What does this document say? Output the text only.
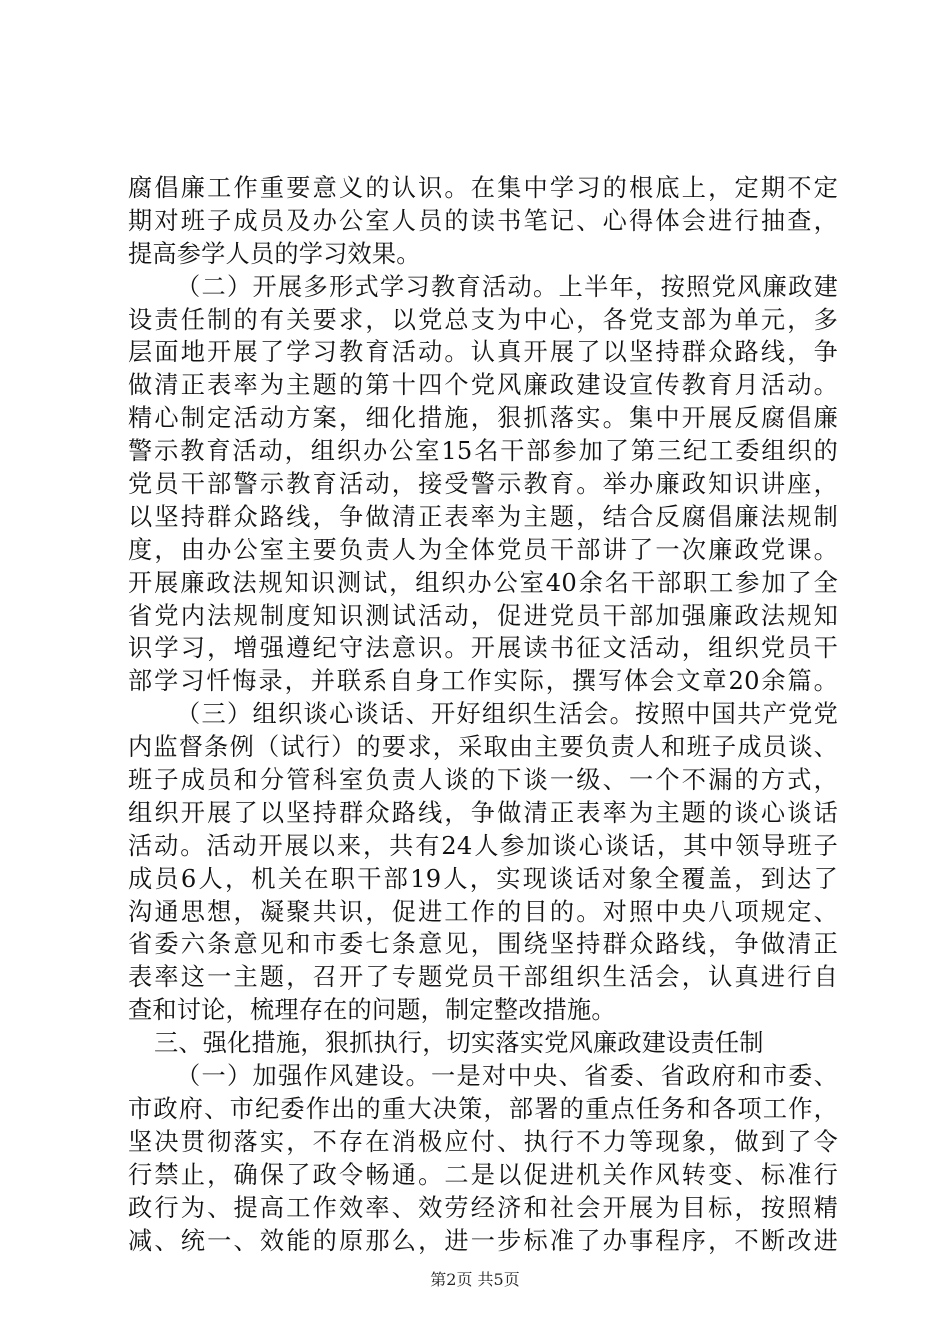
腐倡廉工作重要意义的认识。在集中学习的根底上，定期不定
期对班子成员及办公室人员的读书笔记、心得体会进行抽查，
提高参学人员的学习效果。
（二）开展多形式学习教育活动。上半年，按照党风廉政建
设责任制的有关要求，以党总支为中心，各党支部为单元，多
层面地开展了学习教育活动。认真开展了以坚持群众路线，争
做清正表率为主题的第十四个党风廉政建设宣传教育月活动。
精心制定活动方案，细化措施，狠抓落实。集中开展反腐倡廉
警示教育活动，组织办公室15名干部参加了第三纪工委组织的
党员干部警示教育活动，接受警示教育。举办廉政知识讲座，
以坚持群众路线，争做清正表率为主题，结合反腐倡廉法规制
度，由办公室主要负责人为全体党员干部讲了一次廉政党课。
开展廉政法规知识测试，组织办公室40余名干部职工参加了全
省党内法规制度知识测试活动，促进党员干部加强廉政法规知
识学习，增强遵纪守法意识。开展读书征文活动，组织党员干
部学习忏悔录，并联系自身工作实际，撰写体会文章20余篇。
（三）组织谈心谈话、开好组织生活会。按照中国共产党党
内监督条例（试行）的要求，采取由主要负责人和班子成员谈、
班子成员和分管科室负责人谈的下谈一级、一个不漏的方式，
组织开展了以坚持群众路线，争做清正表率为主题的谈心谈话
活动。活动开展以来，共有24人参加谈心谈话，其中领导班子
成员6人，机关在职干部19人，实现谈话对象全覆盖，到达了
沟通思想，凝聚共识，促进工作的目的。对照中央八项规定、
省委六条意见和市委七条意见，围绕坚持群众路线，争做清正
表率这一主题，召开了专题党员干部组织生活会，认真进行自
查和讨论，梳理存在的问题，制定整改措施。
三、强化措施，狠抓执行，切实落实党风廉政建设责任制
（一）加强作风建设。一是对中央、省委、省政府和市委、
市政府、市纪委作出的重大决策，部署的重点任务和各项工作，
坚决贯彻落实，不存在消极应付、执行不力等现象，做到了令
行禁止，确保了政令畅通。二是以促进机关作风转变、标准行
政行为、提高工作效率、效劳经济和社会开展为目标，按照精
减、统一、效能的原那么，进一步标准了办事程序，不断改进
第2页 共5页
